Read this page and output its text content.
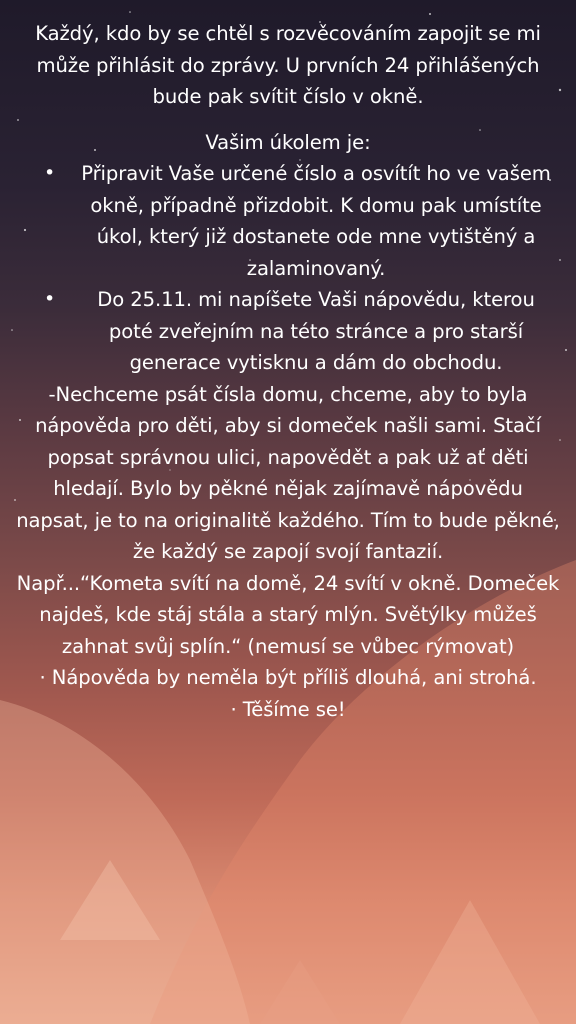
Každý, kdo by se chtěl s rozvěcováním zapojit se mi může přihlásit do zprávy. U prvních 24 přihlášených bude pak svítit číslo v okně.

Vašim úkolem je:

• Připravit Vaše určené číslo a osvítít ho ve vašem okně, případně přizdobit. K domu pak umístíte úkol, který již dostanete ode mne vytištěný a zalaminovaný.
• Do 25.11. mi napíšete Vaši nápovědu, kterou poté zveřejním na této stránce a pro starší generace vytisknu a dám do obchodu.

-Nechceme psát čísla domu, chceme, aby to byla nápověda pro děti, aby si domeček našli sami. Stačí popsat správnou ulici, napovědět a pak už ať děti hledají. Bylo by pěkné nějak zajímavě nápovědu napsat, je to na originalitě každého. Tím to bude pěkné, že každý se zapojí svojí fantazií.

Např...“Kometa svítí na domě, 24 svítí v okně. Domeček najdeš, kde stáj stála a starý mlýn. Světýlky můžeš zahnat svůj splín.“ (nemusí se vůbec rýmovat)

· Nápověda by neměla být příliš dlouhá, ani strohá.

· Těšíme se!
